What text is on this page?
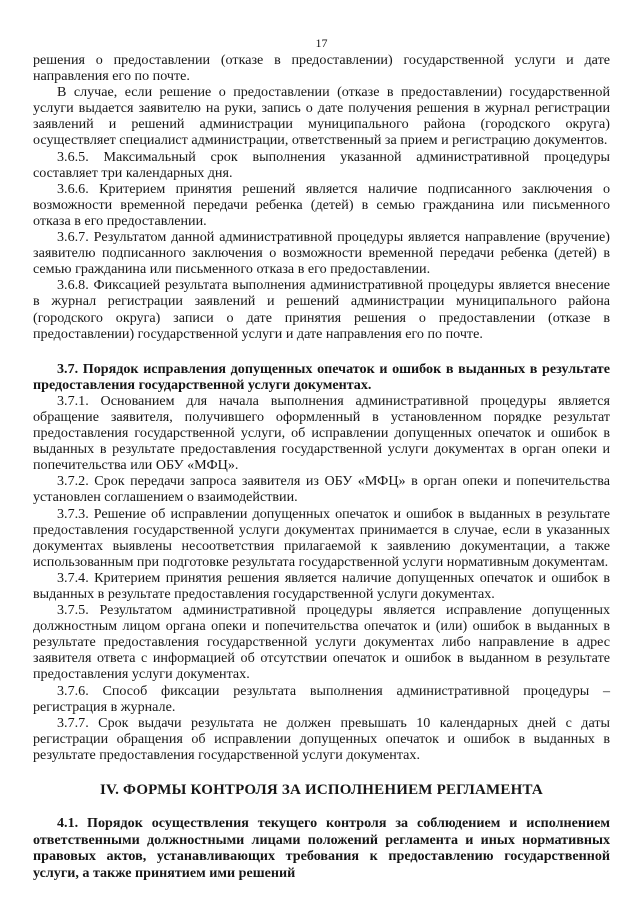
17

решения о предоставлении (отказе в предоставлении) государственной услуги и дате направления его по почте.

В случае, если решение о предоставлении (отказе в предоставлении) государственной услуги выдается заявителю на руки, запись о дате получения решения в журнал регистрации заявлений и решений администрации муниципального района (городского округа) осуществляет специалист администрации, ответственный за прием и регистрацию документов.

3.6.5. Максимальный срок выполнения указанной административной процедуры составляет три календарных дня.

3.6.6. Критерием принятия решений является наличие подписанного заключения о возможности временной передачи ребенка (детей) в семью гражданина или письменного отказа в его предоставлении.

3.6.7. Результатом данной административной процедуры является направление (вручение) заявителю подписанного заключения о возможности временной передачи ребенка (детей) в семью гражданина или письменного отказа в его предоставлении.

3.6.8. Фиксацией результата выполнения административной процедуры является внесение в журнал регистрации заявлений и решений администрации муниципального района (городского округа) записи о дате принятия решения о предоставлении (отказе в предоставлении) государственной услуги и дате направления его по почте.

3.7. Порядок исправления допущенных опечаток и ошибок в выданных в результате предоставления государственной услуги документах.

3.7.1. Основанием для начала выполнения административной процедуры является обращение заявителя, получившего оформленный в установленном порядке результат предоставления государственной услуги, об исправлении допущенных опечаток и ошибок в выданных в результате предоставления государственной услуги документах в орган опеки и попечительства или ОБУ «МФЦ».

3.7.2. Срок передачи запроса заявителя из ОБУ «МФЦ» в орган опеки и попечительства установлен соглашением о взаимодействии.

3.7.3. Решение об исправлении допущенных опечаток и ошибок в выданных в результате предоставления государственной услуги документах принимается в случае, если в указанных документах выявлены несоответствия прилагаемой к заявлению документации, а также использованным при подготовке результата государственной услуги нормативным документам.

3.7.4. Критерием принятия решения является наличие допущенных опечаток и ошибок в выданных в результате предоставления государственной услуги документах.

3.7.5. Результатом административной процедуры является исправление допущенных должностным лицом органа опеки и попечительства опечаток и (или) ошибок в выданных в результате предоставления государственной услуги документах либо направление в адрес заявителя ответа с информацией об отсутствии опечаток и ошибок в выданном в результате предоставления услуги документах.

3.7.6. Способ фиксации результата выполнения административной процедуры – регистрация в журнале.

3.7.7. Срок выдачи результата не должен превышать 10 календарных дней с даты регистрации обращения об исправлении допущенных опечаток и ошибок в выданных в результате предоставления государственной услуги документах.

IV. ФОРМЫ КОНТРОЛЯ ЗА ИСПОЛНЕНИЕМ РЕГЛАМЕНТА
4.1. Порядок осуществления текущего контроля за соблюдением и исполнением ответственными должностными лицами положений регламента и иных нормативных правовых актов, устанавливающих требования к предоставлению государственной услуги, а также принятием ими решений
